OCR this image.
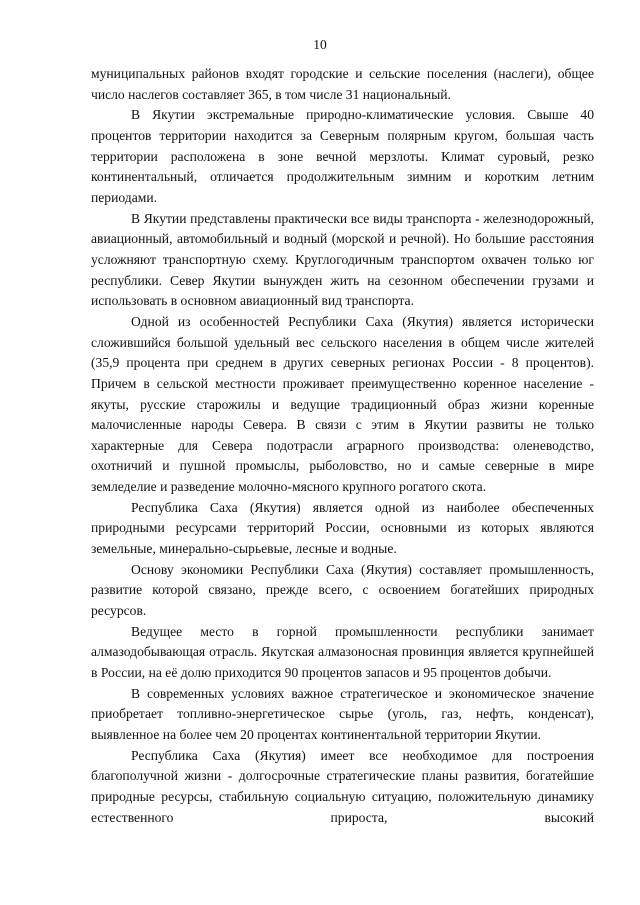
10

муниципальных районов входят городские и сельские поселения (наслеги), общее число наслегов составляет 365, в том числе 31 национальный.

В Якутии экстремальные природно-климатические условия. Свыше 40 процентов территории находится за Северным полярным кругом, большая часть территории расположена в зоне вечной мерзлоты. Климат суровый, резко континентальный, отличается продолжительным зимним и коротким летним периодами.

В Якутии представлены практически все виды транспорта - железнодорожный, авиационный, автомобильный и водный (морской и речной). Но большие расстояния усложняют транспортную схему. Круглогодичным транспортом охвачен только юг республики. Север Якутии вынужден жить на сезонном обеспечении грузами и использовать в основном авиационный вид транспорта.

Одной из особенностей Республики Саха (Якутия) является исторически сложившийся большой удельный вес сельского населения в общем числе жителей (35,9 процента при среднем в других северных регионах России - 8 процентов). Причем в сельской местности проживает преимущественно коренное население - якуты, русские старожилы и ведущие традиционный образ жизни коренные малочисленные народы Севера. В связи с этим в Якутии развиты не только характерные для Севера подотрасли аграрного производства: оленеводство, охотничий и пушной промыслы, рыболовство, но и самые северные в мире земледелие и разведение молочно-мясного крупного рогатого скота.

Республика Саха (Якутия) является одной из наиболее обеспеченных природными ресурсами территорий России, основными из которых являются земельные, минерально-сырьевые, лесные и водные.

Основу экономики Республики Саха (Якутия) составляет промышленность, развитие которой связано, прежде всего, с освоением богатейших природных ресурсов.

Ведущее место в горной промышленности республики занимает алмазодобывающая отрасль. Якутская алмазоносная провинция является крупнейшей в России, на её долю приходится 90 процентов запасов и 95 процентов добычи.

В современных условиях важное стратегическое и экономическое значение приобретает топливно-энергетическое сырье (уголь, газ, нефть, конденсат), выявленное на более чем 20 процентах континентальной территории Якутии.

Республика Саха (Якутия) имеет все необходимое для построения благополучной жизни - долгосрочные стратегические планы развития, богатейшие природные ресурсы, стабильную социальную ситуацию, положительную динамику естественного прироста, высокий
